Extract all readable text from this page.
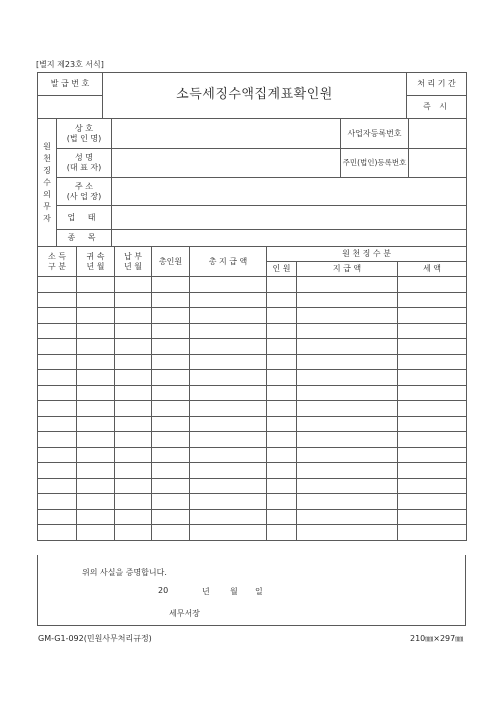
[별지 제23호 서식]
발 급 번 호	소득세징수액집계표확인원	처 리 기 간
		즉 시
원천징수의무자	상 호
(법 인 명)		사업자등록번호	

	성 명
(대 표 자)		주민(법인)등록번호	

	주 소
(사 업 장)			

	업 태			
	종 목			
소 득 구 분	귀 속 년 월	납 부 년 월	총인원	총 지 급 액	원 천 징 수 분		
					인 원	지 급 액	세 액

위의 사실을 증명합니다.
20	년	월 일
세무서장
GM-G1-092(민원사무처리규정)	210㎜×297㎜
